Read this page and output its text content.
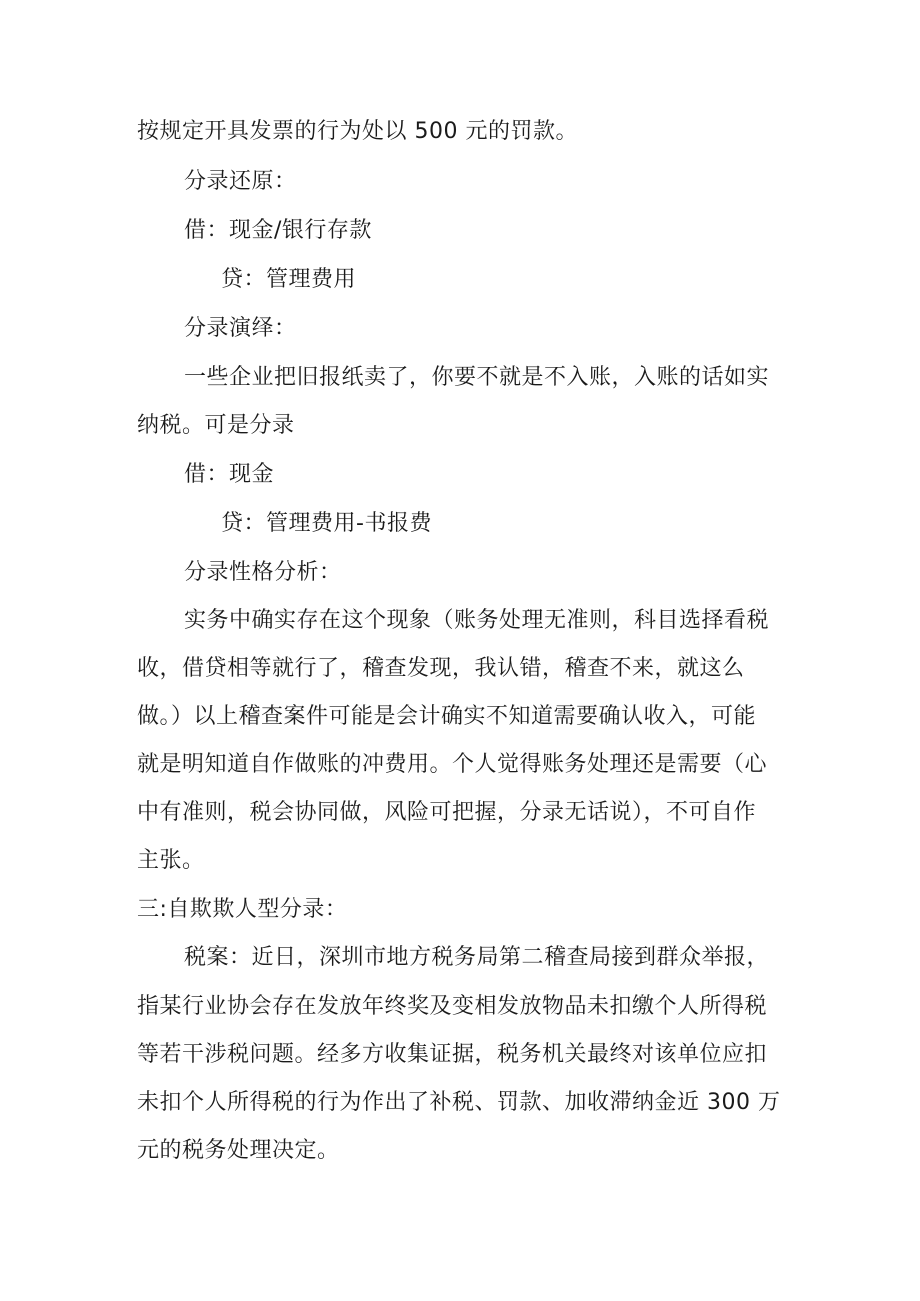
按规定开具发票的行为处以 500 元的罚款。
分录还原：
借：现金/银行存款
贷：管理费用
分录演绎：
一些企业把旧报纸卖了，你要不就是不入账，入账的话如实
纳税。可是分录
借：现金
贷：管理费用-书报费
分录性格分析：
实务中确实存在这个现象（账务处理无准则，科目选择看税
收，借贷相等就行了，稽查发现，我认错，稽查不来，就这么
做。）以上稽查案件可能是会计确实不知道需要确认收入，可能
就是明知道自作做账的冲费用。个人觉得账务处理还是需要（心
中有准则，税会协同做，风险可把握，分录无话说），不可自作
主张。
三:自欺欺人型分录：
税案：近日，深圳市地方税务局第二稽查局接到群众举报，
指某行业协会存在发放年终奖及变相发放物品未扣缴个人所得税
等若干涉税问题。经多方收集证据，税务机关最终对该单位应扣
未扣个人所得税的行为作出了补税、罚款、加收滞纳金近 300 万
元的税务处理决定。
